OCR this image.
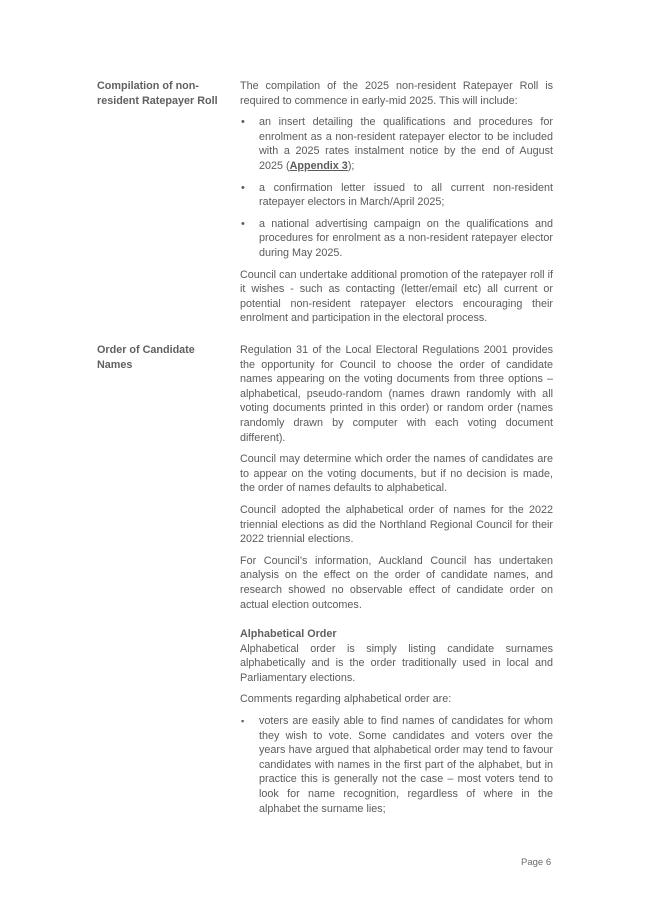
Compilation of non-resident Ratepayer Roll

The compilation of the 2025 non-resident Ratepayer Roll is required to commence in early-mid 2025. This will include:

•
an insert detailing the qualifications and procedures for enrolment as a non-resident ratepayer elector to be included with a 2025 rates instalment notice by the end of August 2025 (Appendix 3);
•
a confirmation letter issued to all current non-resident ratepayer electors in March/April 2025;
•
a national advertising campaign on the qualifications and procedures for enrolment as a non-resident ratepayer elector during May 2025.

Council can undertake additional promotion of the ratepayer roll if it wishes - such as contacting (letter/email etc) all current or potential non-resident ratepayer electors encouraging their enrolment and participation in the electoral process.

Order of Candidate Names

Regulation 31 of the Local Electoral Regulations 2001 provides the opportunity for Council to choose the order of candidate names appearing on the voting documents from three options – alphabetical, pseudo-random (names drawn randomly with all voting documents printed in this order) or random order (names randomly drawn by computer with each voting document different).

Council may determine which order the names of candidates are to appear on the voting documents, but if no decision is made, the order of names defaults to alphabetical.

Council adopted the alphabetical order of names for the 2022 triennial elections as did the Northland Regional Council for their 2022 triennial elections.

For Council’s information, Auckland Council has undertaken analysis on the effect on the order of candidate names, and research showed no observable effect of candidate order on actual election outcomes.

Alphabetical Order
Alphabetical order is simply listing candidate surnames alphabetically and is the order traditionally used in local and Parliamentary elections.

Comments regarding alphabetical order are:

▪
voters are easily able to find names of candidates for whom they wish to vote. Some candidates and voters over the years have argued that alphabetical order may tend to favour candidates with names in the first part of the alphabet, but in practice this is generally not the case – most voters tend to look for name recognition, regardless of where in the alphabet the surname lies;
Page 6
